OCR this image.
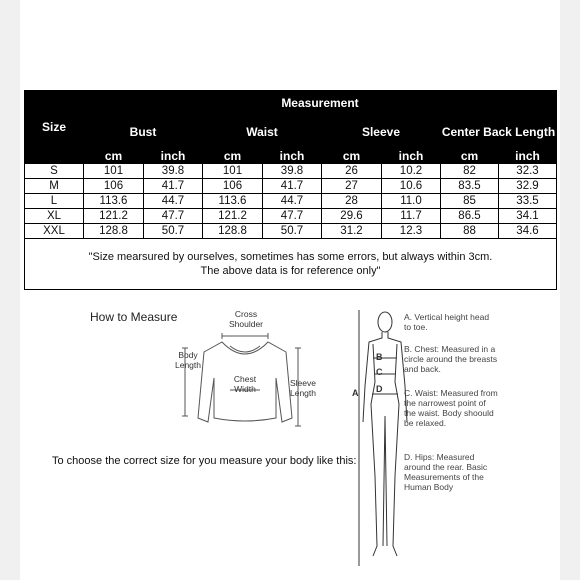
Size	Measurement							
	Bust		Waist		Sleeve		Center Back Length	
	cm	inch	cm	inch	cm	inch	cm	inch
S	101	39.8	101	39.8	26	10.2	82	32.3
M	106	41.7	106	41.7	27	10.6	83.5	32.9
L	113.6	44.7	113.6	44.7	28	11.0	85	33.5
XL	121.2	47.7	121.2	47.7	29.6	11.7	86.5	34.1
XXL	128.8	50.7	128.8	50.7	31.2	12.3	88	34.6

"Size mearsured by ourselves, sometimes has some errors, but always within 3cm.
The above data is for reference only"								
How to Measure	Cross Shoulder
Body Length
Chest Width
Sleeve Length	A
B
C
D
A. Vertical height head to toe.
B. Chest: Measured in a circle around the breasts and back.
C. Waist: Measured from the narrowest point of the waist. Body shoould be relaxed.
D. Hips: Measured around the rear. Basic Measurements of the Human Body
To choose the correct size for you measure your body like this:
